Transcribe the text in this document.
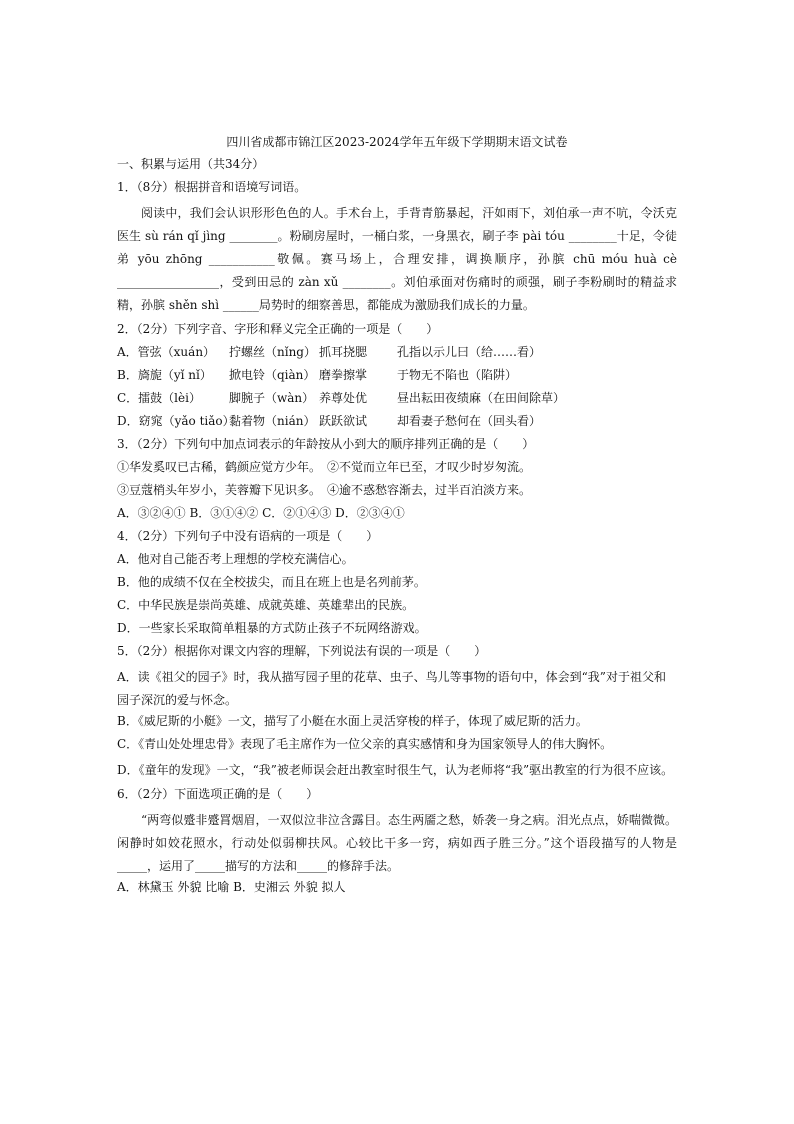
四川省成都市锦江区2023-2024学年五年级下学期期末语文试卷
一、积累与运用（共34分）
1．（8分）根据拼音和语境写词语。
阅读中，我们会认识形形色色的人。手术台上，手背青筋暴起，汗如雨下，刘伯承一声不吭，令沃克医生 sù rán qǐ jìng ________。粉刷房屋时，一桶白浆，一身黑衣，刷子李 pài tóu ________十足，令徒弟 yōu zhōng ___________敬佩。赛马场上，合理安排，调换顺序，孙膑 chū móu huà cè _________________，受到田忌的 zàn xǔ ________。刘伯承面对伤痛时的顽强，刷子李粉刷时的精益求精，孙膑 shěn shì ______局势时的细察善思，都能成为激励我们成长的力量。
2．（2分）下列字音、字形和释义完全正确的一项是（　　）
A．管弦（xuán） 拧螺丝（nǐng） 抓耳挠腮 孔指以示儿曰（给……看）
B．旖旎（yǐ nǐ） 掀电铃（qiàn） 磨拳擦掌 于物无不陷也（陷阱）
C．擂鼓（lèi） 脚腕子（wàn） 养尊处优 昼出耘田夜绩麻（在田间除草）
D．窈窕（yǎo tiǎo）黏着物（nián） 跃跃欲试 却看妻子愁何在（回头看）
3．（2分）下列句中加点词表示的年龄按从小到大的顺序排列正确的是（　　）
①华发奚叹已古稀，鹤颜应觉方少年。　②不觉而立年已至，才叹少时岁匆流。
③豆蔻梢头年岁小，芙蓉瓣下见识多。　④逾不惑愁容渐去，过半百泊淡方来。
A．③②④① B．③①④② C．②①④③ D．②③④①
4．（2分）下列句子中没有语病的一项是（　　）
A．他对自己能否考上理想的学校充满信心。
B．他的成绩不仅在全校拔尖，而且在班上也是名列前茅。
C．中华民族是崇尚英雄、成就英雄、英雄辈出的民族。
D．一些家长采取简单粗暴的方式防止孩子不玩网络游戏。
5．（2分）根据你对课文内容的理解，下列说法有误的一项是（　　）
A．读《祖父的园子》时，我从描写园子里的花草、虫子、鸟儿等事物的语句中，体会到“我”对于祖父和园子深沉的爱与怀念。
B．《威尼斯的小艇》一文，描写了小艇在水面上灵活穿梭的样子，体现了威尼斯的活力。
C．《青山处处埋忠骨》表现了毛主席作为一位父亲的真实感情和身为国家领导人的伟大胸怀。
D．《童年的发现》一文，“我”被老师误会赶出教室时很生气，认为老师将“我”驱出教室的行为很不应该。
6．（2分）下面选项正确的是（　　）
“两弯似蹙非蹙罥烟眉，一双似泣非泣含露目。态生两靥之愁，娇袭一身之病。泪光点点，娇喘微微。闲静时如姣花照水，行动处似弱柳扶风。心较比干多一窍，病如西子胜三分。”这个语段描写的人物是_____，运用了_____描写的方法和_____的修辞手法。
A．林黛玉 外貌 比喻 B．史湘云 外貌 拟人
